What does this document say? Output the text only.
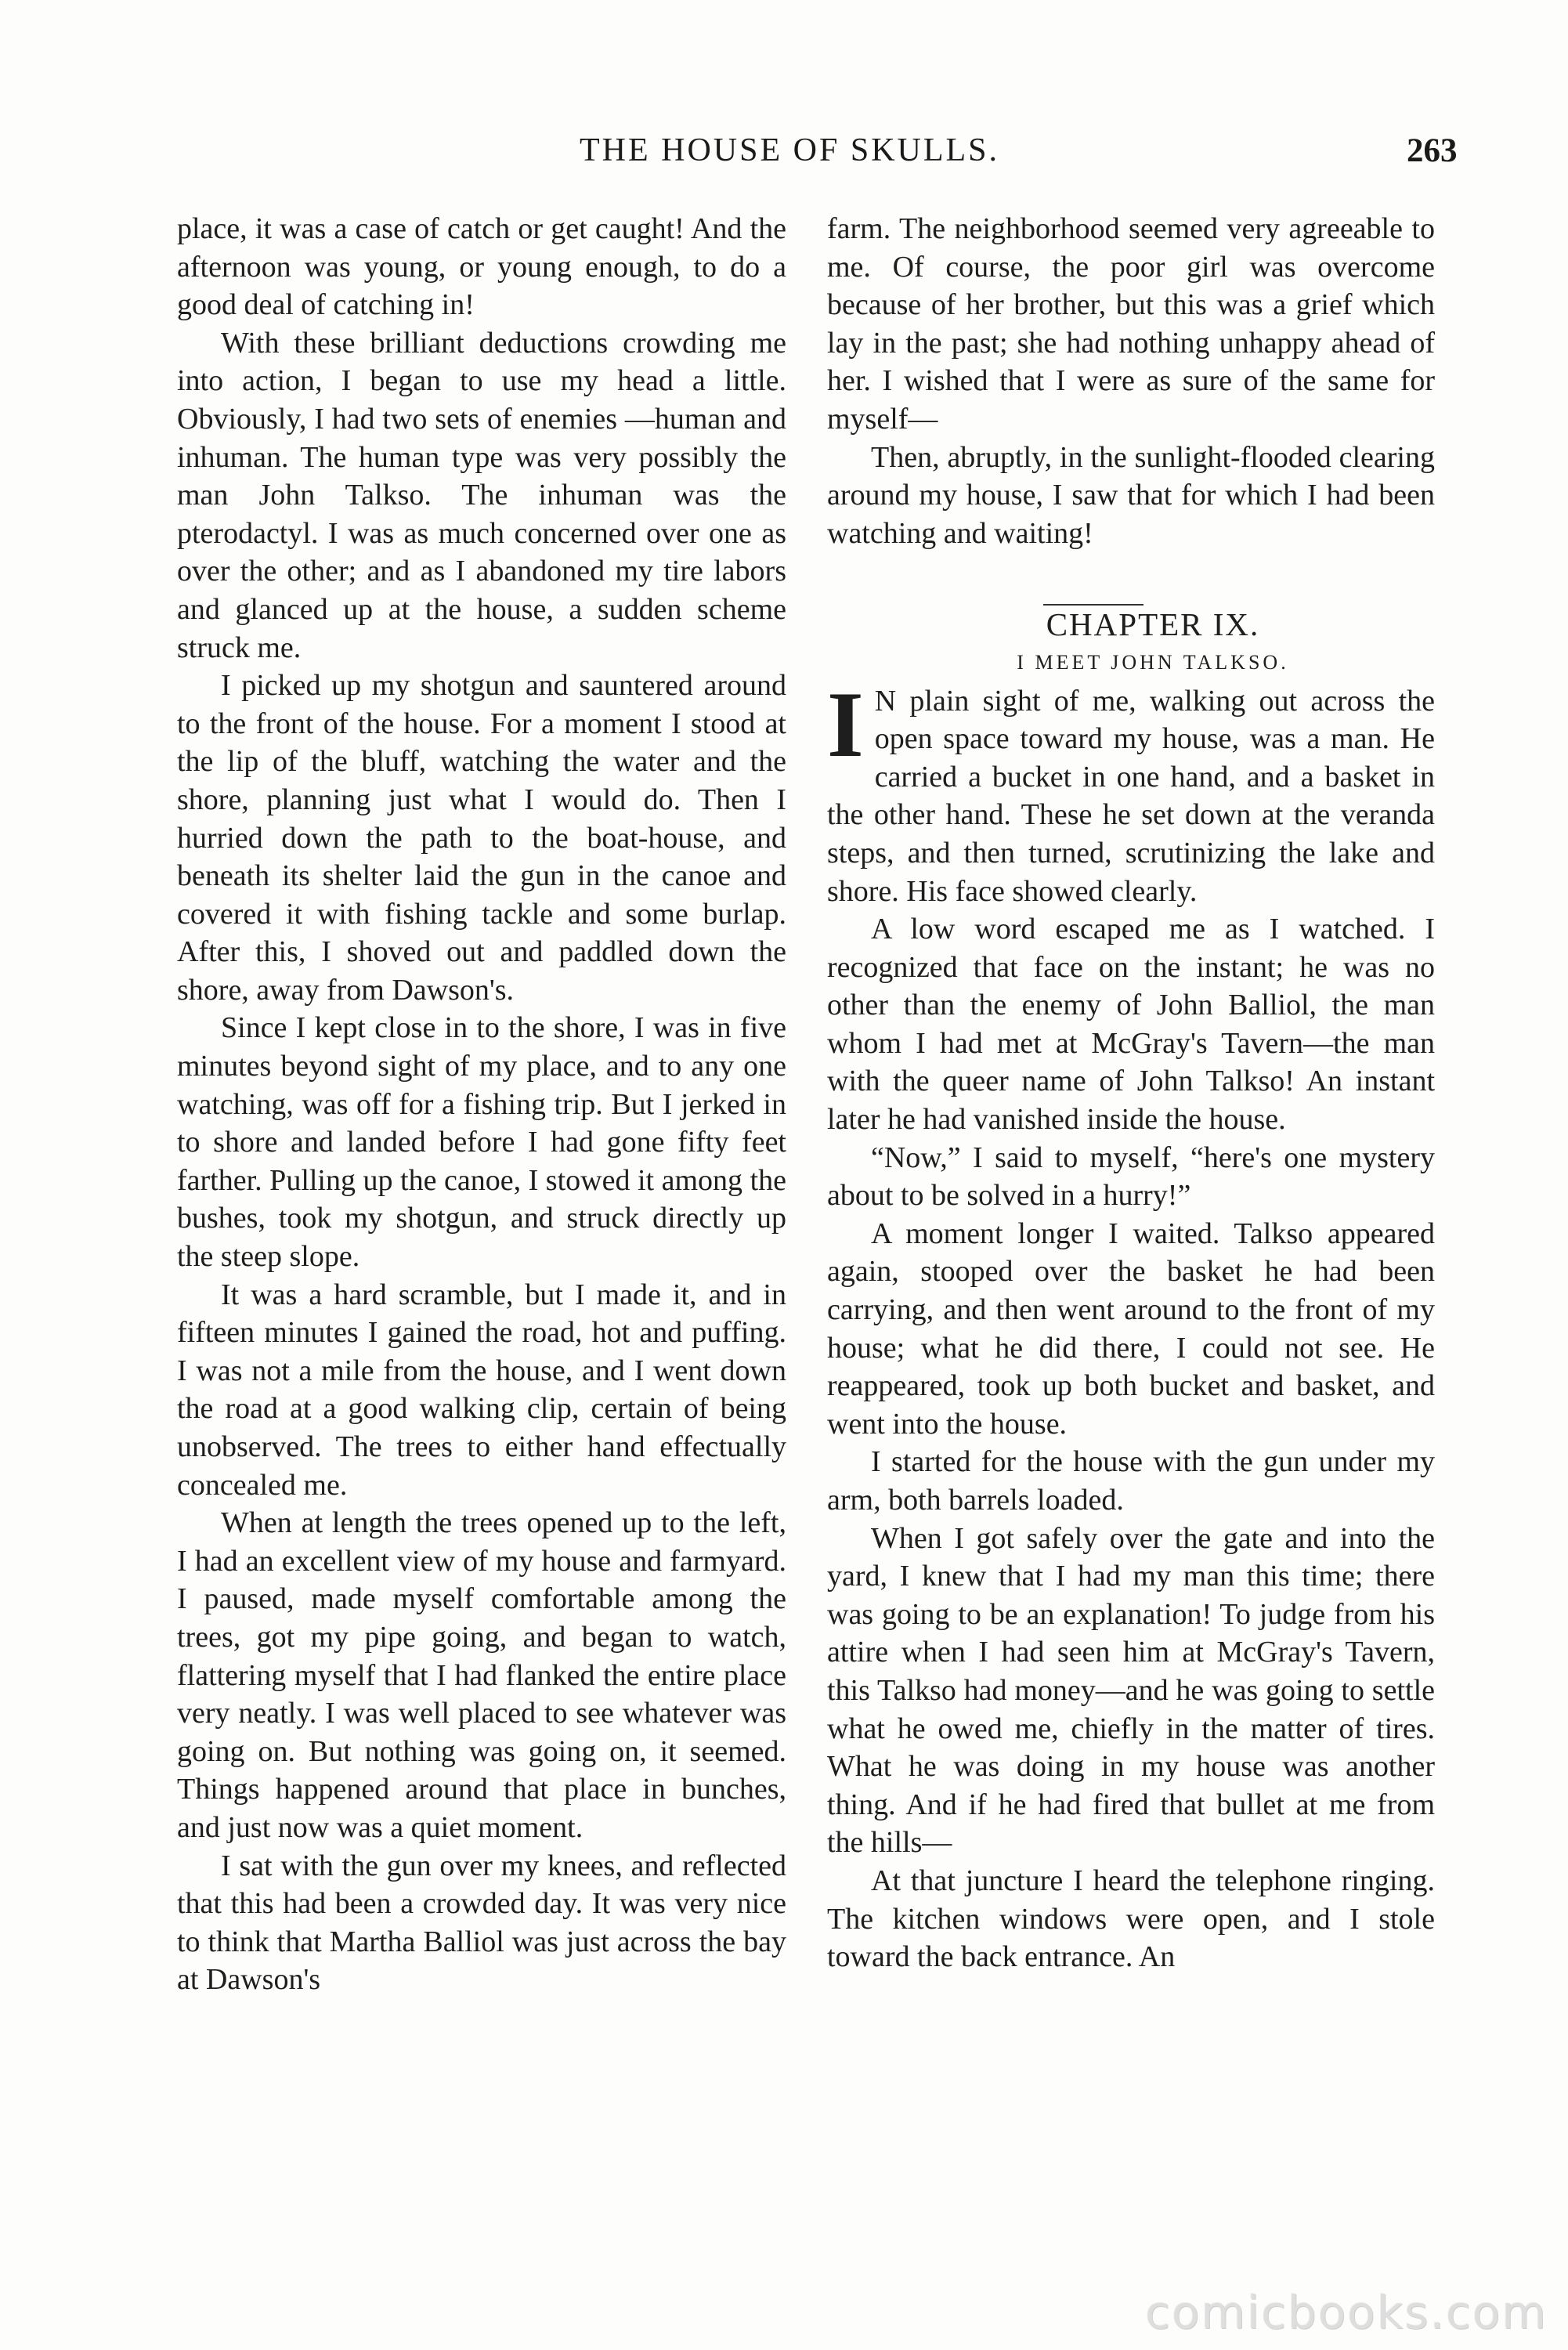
THE HOUSE OF SKULLS.	263

place, it was a case of catch or get caught! And the afternoon was young, or young enough, to do a good deal of catching in!

With these brilliant deductions crowding me into action, I began to use my head a little. Obviously, I had two sets of enemies —human and inhuman. The human type was very possibly the man John Talkso. The inhuman was the pterodactyl. I was as much concerned over one as over the other; and as I abandoned my tire labors and glanced up at the house, a sudden scheme struck me.

I picked up my shotgun and sauntered around to the front of the house. For a moment I stood at the lip of the bluff, watching the water and the shore, planning just what I would do. Then I hurried down the path to the boat-house, and beneath its shelter laid the gun in the canoe and covered it with fishing tackle and some burlap. After this, I shoved out and paddled down the shore, away from Dawson's.

Since I kept close in to the shore, I was in five minutes beyond sight of my place, and to any one watching, was off for a fishing trip. But I jerked in to shore and landed before I had gone fifty feet farther. Pulling up the canoe, I stowed it among the bushes, took my shotgun, and struck directly up the steep slope.

It was a hard scramble, but I made it, and in fifteen minutes I gained the road, hot and puffing. I was not a mile from the house, and I went down the road at a good walking clip, certain of being unobserved. The trees to either hand effectually concealed me.

When at length the trees opened up to the left, I had an excellent view of my house and farmyard. I paused, made myself comfortable among the trees, got my pipe going, and began to watch, flattering myself that I had flanked the entire place very neatly. I was well placed to see whatever was going on. But nothing was going on, it seemed. Things happened around that place in bunches, and just now was a quiet moment.

I sat with the gun over my knees, and reflected that this had been a crowded day. It was very nice to think that Martha Balliol was just across the bay at Dawson's

farm. The neighborhood seemed very agreeable to me. Of course, the poor girl was overcome because of her brother, but this was a grief which lay in the past; she had nothing unhappy ahead of her. I wished that I were as sure of the same for myself—

Then, abruptly, in the sunlight-flooded clearing around my house, I saw that for which I had been watching and waiting!

CHAPTER IX.

I MEET JOHN TALKSO.

I N plain sight of me, walking out across the open space toward my house, was a man. He carried a bucket in one hand, and a basket in the other hand. These he set down at the veranda steps, and then turned, scrutinizing the lake and shore. His face showed clearly.

A low word escaped me as I watched. I recognized that face on the instant; he was no other than the enemy of John Balliol, the man whom I had met at McGray's Tavern—the man with the queer name of John Talkso! An instant later he had vanished inside the house.

“Now,” I said to myself, “here's one mystery about to be solved in a hurry!”

A moment longer I waited. Talkso appeared again, stooped over the basket he had been carrying, and then went around to the front of my house; what he did there, I could not see. He reappeared, took up both bucket and basket, and went into the house.

I started for the house with the gun under my arm, both barrels loaded.

When I got safely over the gate and into the yard, I knew that I had my man this time; there was going to be an explanation! To judge from his attire when I had seen him at McGray's Tavern, this Talkso had money—and he was going to settle what he owed me, chiefly in the matter of tires. What he was doing in my house was another thing. And if he had fired that bullet at me from the hills—

At that juncture I heard the telephone ringing. The kitchen windows were open, and I stole toward the back entrance. An

comicbooks.com
